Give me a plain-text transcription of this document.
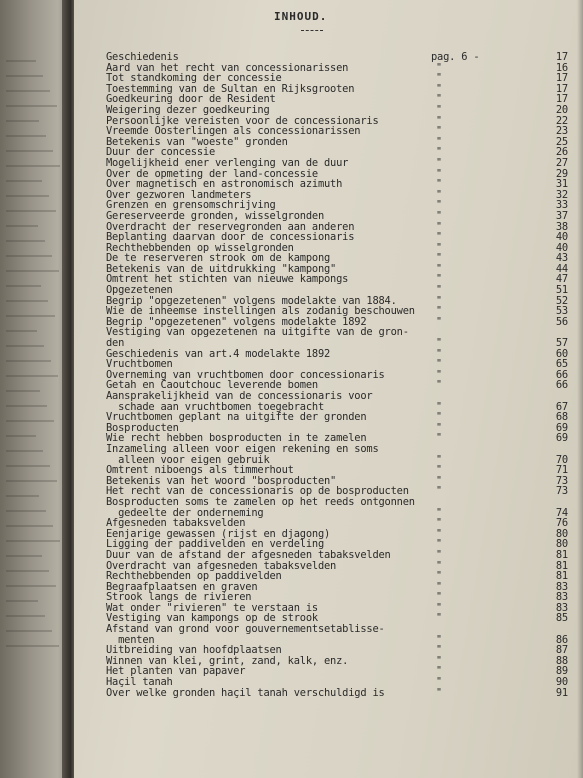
INHOUD.
Geschiedenis	pag. 6 -	17
Aard van het recht van concessionarissen	"	16
Tot standkoming der concessie	"	17
Toestemming van de Sultan en Rijksgrooten	"	17
Goedkeuring door de Resident	"	17
Weigering dezer goedkeuring	"	20
Persoonlijke vereisten voor de concessionaris	"	22
Vreemde Oosterlingen als concessionarissen	"	23
Betekenis van "woeste" gronden	"	25
Duur der concessie	"	26
Mogelijkheid ener verlenging van de duur	"	27
Over de opmeting der land-concessie	"	29
Over magnetisch en astronomisch azimuth	"	31
Over gezworen landmeters	"	32
Grenzen en grensomschrijving	"	33
Gereserveerde gronden, wisselgronden	"	37
Overdracht der reservegronden aan anderen	"	38
Beplanting daarvan door de concessionaris	"	40
Rechthebbenden op wisselgronden	"	40
De te reserveren strook om de kampong	"	43
Betekenis van de uitdrukking "kampong"	"	44
Omtrent het stichten van nieuwe kampongs	"	47
Opgezetenen	"	51
Begrip "opgezetenen" volgens modelakte van 1884.	"	52
Wie de inheemse instellingen als zodanig beschouwen	"	53
Begrip "opgezetenen" volgens modelakte 1892	"	56
Vestiging van opgezetenen na uitgifte van de gron-
den	"	57
Geschiedenis van art.4 modelakte 1892	"	60
Vruchtbomen	"	65
Overneming van vruchtbomen door concessionaris	"	66
Getah en Caoutchouc leverende bomen	"	66
Aansprakelijkheid van de concessionaris voor
schade aan vruchtbomen toegebracht	"	67
Vruchtbomen geplant na uitgifte der gronden	"	68
Bosproducten	"	69
Wie recht hebben bosproducten in te zamelen	"	69
Inzameling alleen voor eigen rekening en soms
alleen voor eigen gebruik	"	70
Omtrent niboengs als timmerhout	"	71
Betekenis van het woord "bosproducten"	"	73
Het recht van de concessionaris op de bosproducten	"	73
Bosproducten soms te zamelen op het reeds ontgonnen
gedeelte der onderneming	"	74
Afgesneden tabaksvelden	"	76
Eenjarige gewassen (rijst en djagong)	"	80
Ligging der paddivelden en verdeling	"	80
Duur van de afstand der afgesneden tabaksvelden	"	81
Overdracht van afgesneden tabaksvelden	"	81
Rechthebbenden op paddivelden	"	81
Begraafplaatsen en graven	"	83
Strook langs de rivieren	"	83
Wat onder "rivieren" te verstaan is	"	83
Vestiging van kampongs op de strook	"	85
Afstand van grond voor gouvernementsetablisse-
menten	"	86
Uitbreiding van hoofdplaatsen	"	87
Winnen van klei, grint, zand, kalk, enz.	"	88
Het planten van papaver	"	89
Haçil tanah	"	90
Over welke gronden haçil tanah verschuldigd is	"	91
